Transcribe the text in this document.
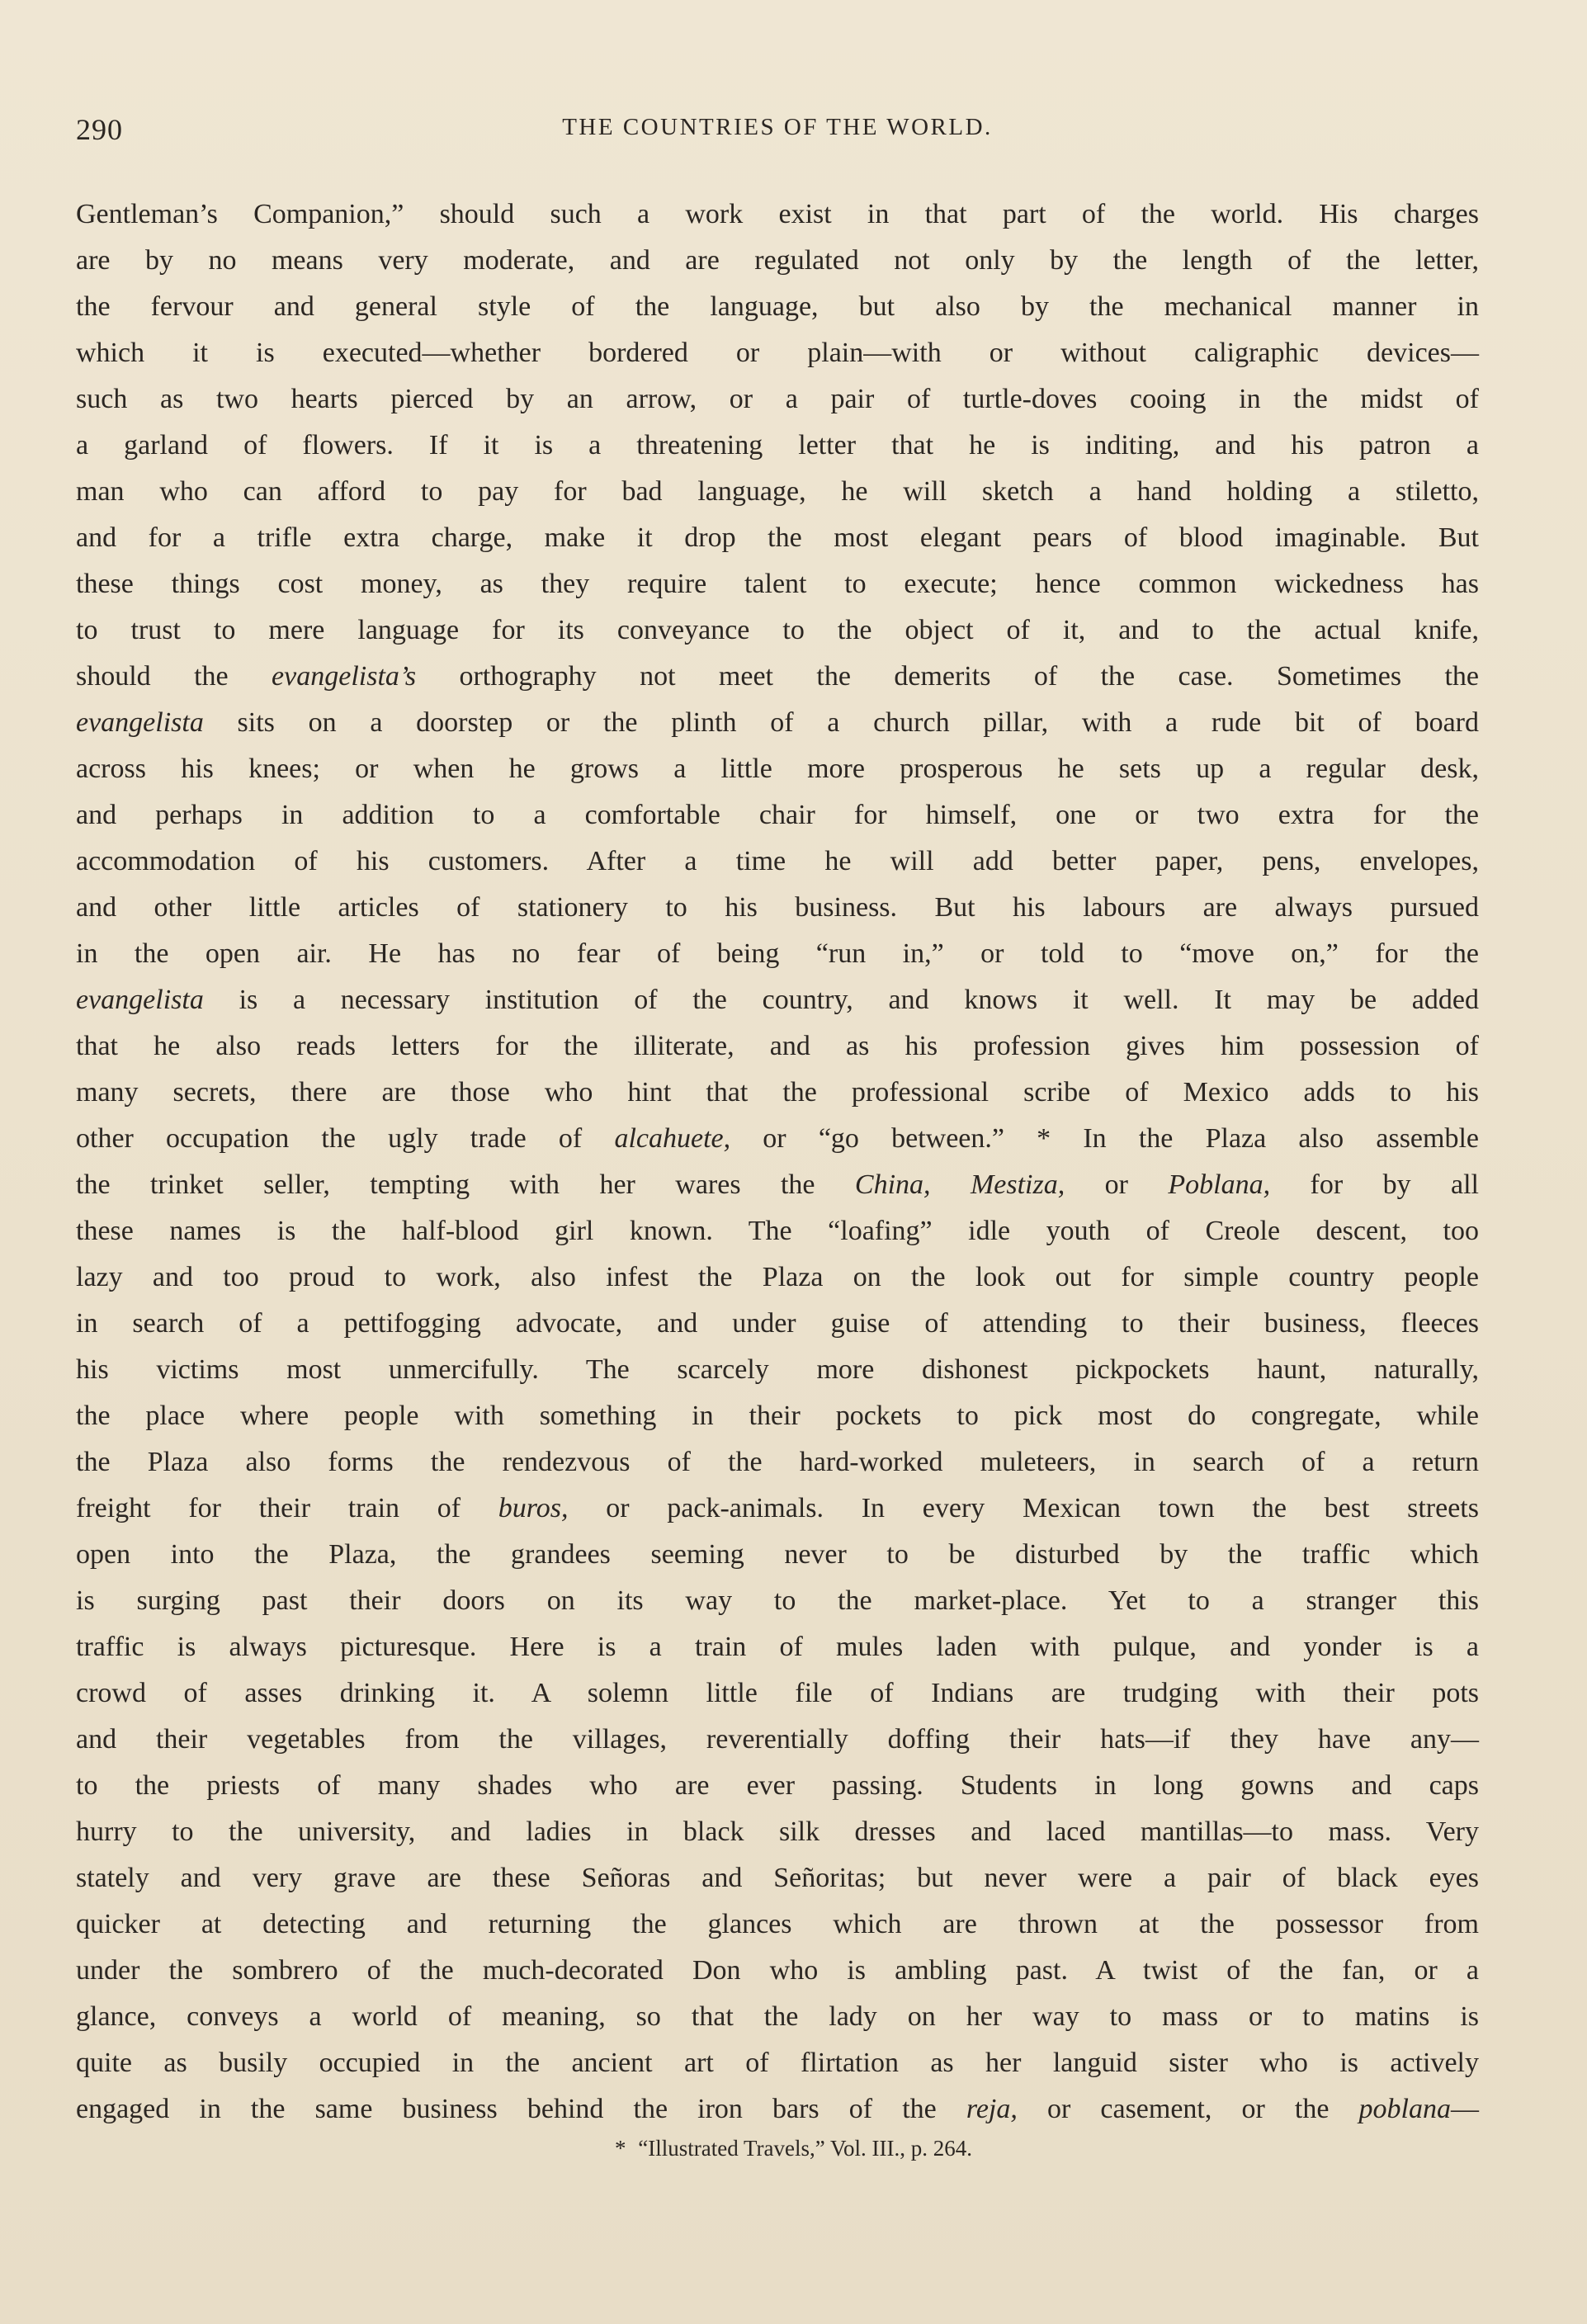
290	THE COUNTRIES OF THE WORLD.
Gentleman’s Companion,” should such a work exist in that part of the world. His charges
are by no means very moderate, and are regulated not only by the length of the letter,
the fervour and general style of the language, but also by the mechanical manner in
which it is executed—whether bordered or plain—with or without caligraphic devices—
such as two hearts pierced by an arrow, or a pair of turtle-doves cooing in the midst of
a garland of flowers. If it is a threatening letter that he is inditing, and his patron a
man who can afford to pay for bad language, he will sketch a hand holding a stiletto,
and for a trifle extra charge, make it drop the most elegant pears of blood imaginable. But
these things cost money, as they require talent to execute; hence common wickedness has
to trust to mere language for its conveyance to the object of it, and to the actual knife,
should the evangelista’s orthography not meet the demerits of the case. Sometimes the
evangelista sits on a doorstep or the plinth of a church pillar, with a rude bit of board
across his knees; or when he grows a little more prosperous he sets up a regular desk,
and perhaps in addition to a comfortable chair for himself, one or two extra for the
accommodation of his customers. After a time he will add better paper, pens, envelopes,
and other little articles of stationery to his business. But his labours are always pursued
in the open air. He has no fear of being “run in,” or told to “move on,” for the
evangelista is a necessary institution of the country, and knows it well. It may be added
that he also reads letters for the illiterate, and as his profession gives him possession of
many secrets, there are those who hint that the professional scribe of Mexico adds to his
other occupation the ugly trade of alcahuete, or “go between.” * In the Plaza also assemble
the trinket seller, tempting with her wares the China, Mestiza, or Poblana, for by all
these names is the half-blood girl known. The “loafing” idle youth of Creole descent, too
lazy and too proud to work, also infest the Plaza on the look out for simple country people
in search of a pettifogging advocate, and under guise of attending to their business, fleeces
his victims most unmercifully. The scarcely more dishonest pickpockets haunt, naturally,
the place where people with something in their pockets to pick most do congregate, while
the Plaza also forms the rendezvous of the hard-worked muleteers, in search of a return
freight for their train of buros, or pack-animals. In every Mexican town the best streets
open into the Plaza, the grandees seeming never to be disturbed by the traffic which
is surging past their doors on its way to the market-place. Yet to a stranger this
traffic is always picturesque. Here is a train of mules laden with pulque, and yonder is a
crowd of asses drinking it. A solemn little file of Indians are trudging with their pots
and their vegetables from the villages, reverentially doffing their hats—if they have any—
to the priests of many shades who are ever passing. Students in long gowns and caps
hurry to the university, and ladies in black silk dresses and laced mantillas—to mass. Very
stately and very grave are these Señoras and Señoritas; but never were a pair of black eyes
quicker at detecting and returning the glances which are thrown at the possessor from
under the sombrero of the much-decorated Don who is ambling past. A twist of the fan, or a
glance, conveys a world of meaning, so that the lady on her way to mass or to matins is
quite as busily occupied in the ancient art of flirtation as her languid sister who is actively
engaged in the same business behind the iron bars of the reja, or casement, or the poblana—
* “Illustrated Travels,” Vol. III., p. 264.
